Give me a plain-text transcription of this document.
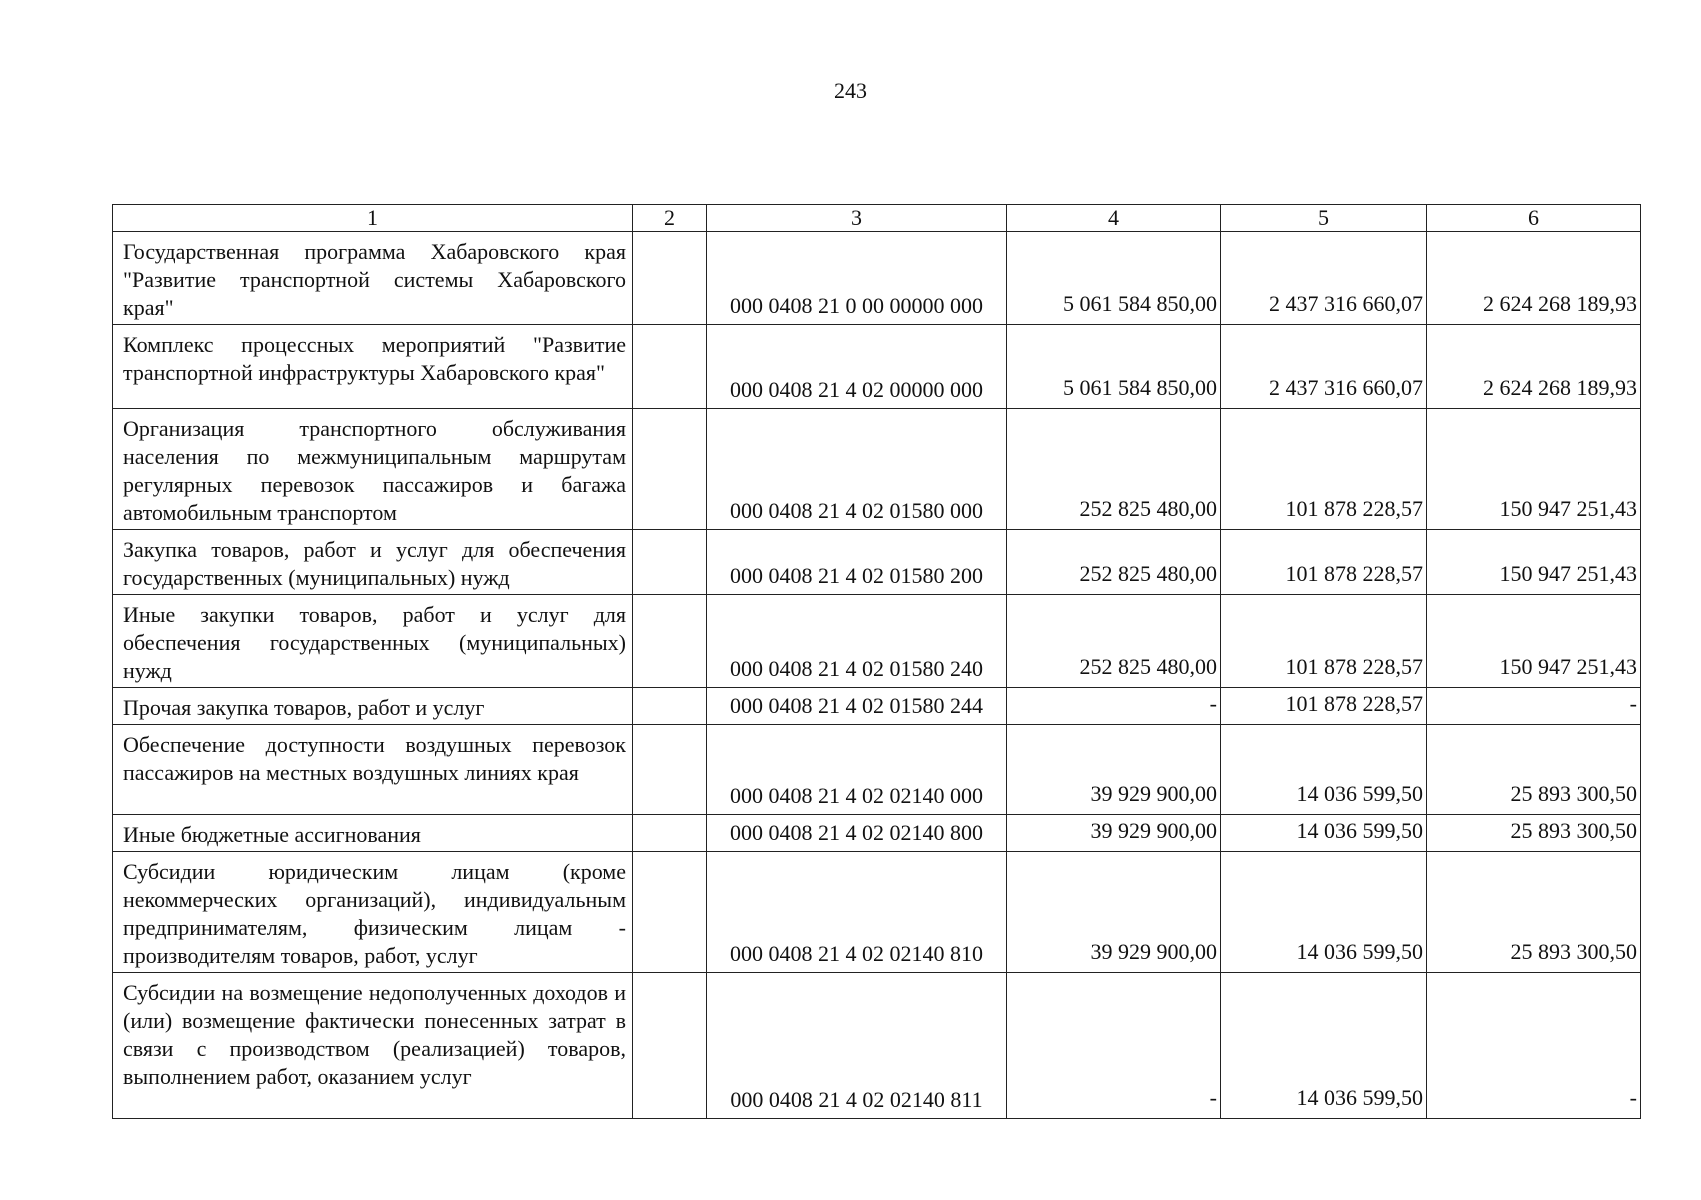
243
1	2	3	4	5	6
Государственная программа Хабаровского края "Развитие транспортной системы Хабаровского края"		000 0408 21 0 00 00000 000	5 061 584 850,00	2 437 316 660,07	2 624 268 189,93
Комплекс процессных мероприятий "Развитие транспортной инфраструктуры Хабаровского края"		000 0408 21 4 02 00000 000	5 061 584 850,00	2 437 316 660,07	2 624 268 189,93
Организация транспортного обслуживания населения по межмуниципальным маршрутам регулярных перевозок пассажиров и багажа автомобильным транспортом		000 0408 21 4 02 01580 000	252 825 480,00	101 878 228,57	150 947 251,43
Закупка товаров, работ и услуг для обеспечения государственных (муниципальных) нужд		000 0408 21 4 02 01580 200	252 825 480,00	101 878 228,57	150 947 251,43
Иные закупки товаров, работ и услуг для обеспечения государственных (муниципальных) нужд		000 0408 21 4 02 01580 240	252 825 480,00	101 878 228,57	150 947 251,43
Прочая закупка товаров, работ и услуг		000 0408 21 4 02 01580 244	-	101 878 228,57	-
Обеспечение доступности воздушных перевозок пассажиров на местных воздушных линиях края		000 0408 21 4 02 02140 000	39 929 900,00	14 036 599,50	25 893 300,50
Иные бюджетные ассигнования		000 0408 21 4 02 02140 800	39 929 900,00	14 036 599,50	25 893 300,50
Субсидии юридическим лицам (кроме некоммерческих организаций), индивидуальным предпринимателям, физическим лицам - производителям товаров, работ, услуг		000 0408 21 4 02 02140 810	39 929 900,00	14 036 599,50	25 893 300,50
Субсидии на возмещение недополученных доходов и (или) возмещение фактически понесенных затрат в связи с производством (реализацией) товаров, выполнением работ, оказанием услуг		000 0408 21 4 02 02140 811	-	14 036 599,50	-
